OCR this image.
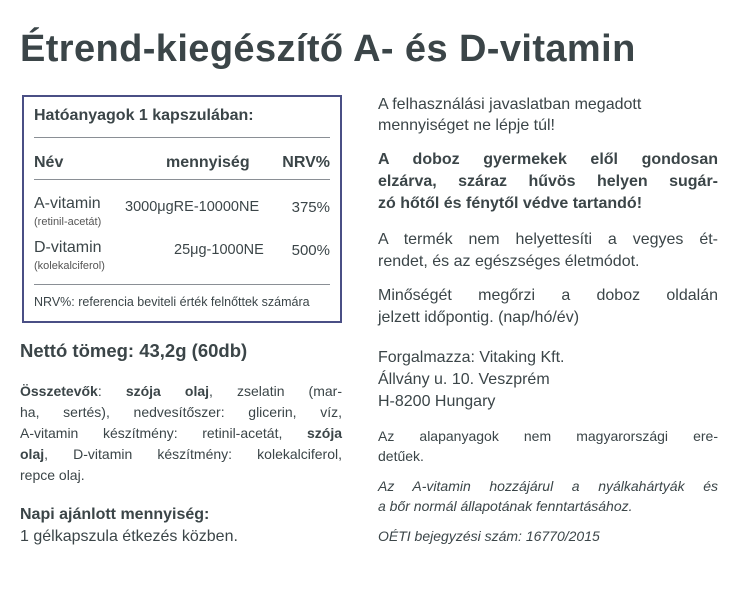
Étrend-kiegészítő A- és D-vitamin
Hatóanyagok 1 kapszulában:
Név	mennyiség NRV%
A-vitamin
(retinil-acetát)
3000μgRE-10000NE 375%
D-vitamin
(kolekalciferol)
25μg-1000NE 500%
NRV%: referencia beviteli érték felnőttek számára
Nettó tömeg: 43,2g (60db)
Összetevők: szója olaj, zselatin (mar-
ha, sertés), nedvesítőszer: glicerin, víz,
A-vitamin készítmény: retinil-acetát, szója
olaj, D-vitamin készítmény: kolekalciferol,
repce olaj.
Napi ajánlott mennyiség:
1 gélkapszula étkezés közben.
A felhasználási javaslatban megadott
mennyiséget ne lépje túl!
A doboz gyermekek elől gondosan
elzárva, száraz hűvös helyen sugár-
zó hőtől és fénytől védve tartandó!
A termék nem helyettesíti a vegyes ét-
rendet, és az egészséges életmódot.
Minőségét megőrzi a doboz oldalán
jelzett időpontig. (nap/hó/év)
Forgalmazza: Vitaking Kft.
Állvány u. 10. Veszprém
H-8200 Hungary
Az alapanyagok nem magyarországi ere-
detűek.
Az A-vitamin hozzájárul a nyálkahártyák és
a bőr normál állapotának fenntartásához.
OÉTI bejegyzési szám: 16770/2015
